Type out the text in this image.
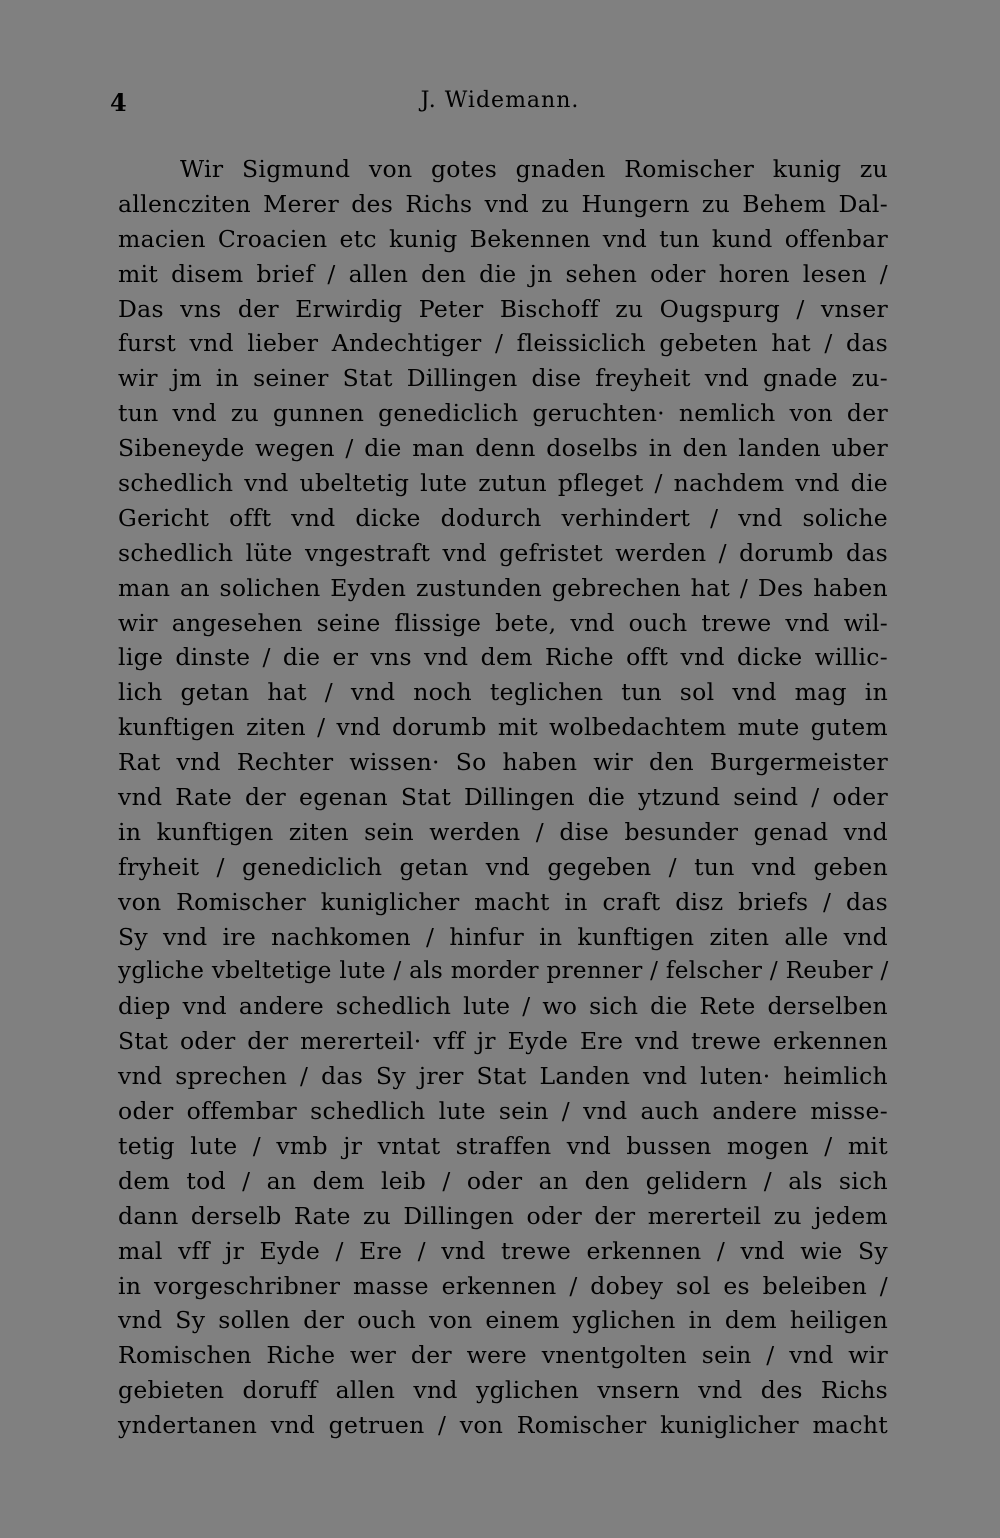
4	J. Widemann.
Wir Sigmund von gotes gnaden Romischer kunig zu
allenczitеn Merer des Richs vnd zu Hungern zu Behem Dal-
macien Croacien etc kunig Bekennen vnd tun kund offenbar
mit disem brief / allen den die jn sehen oder horen lesen /
Das vns der Erwirdig Peter Bischoff zu Ougspurg / vnser
furst vnd lieber Andechtiger / fleissiclich gebeten hat / das
wir jm in seiner Stat Dillingen dise freyheit vnd gnade zu-
tun vnd zu gunnen genediclich geruchten· nemlich von der
Sibeneyde wegen / die man denn doselbs in den landen uber
schedlich vnd ubeltetig lute zutun pfleget / nachdem vnd die
Gericht offt vnd dicke dodurch verhindert / vnd soliche
schedlich lüte vngestraft vnd gefristet werden / dorumb das
man an solichen Eyden zustunden gebrechen hat / Des haben
wir angesehen seine flissige bete, vnd ouch trewe vnd wil-
lige dinste / die er vns vnd dem Riche offt vnd dicke willic-
lich getan hat / vnd noch teglichen tun sol vnd mag in
kunftigen ziten / vnd dorumb mit wolbedachtem mute gutem
Rat vnd Rechter wissen· So haben wir den Burgermeister
vnd Rate der egenan Stat Dillingen die ytzund seind / oder
in kunftigen ziten sein werden / dise besunder genad vnd
fryheit / genediclich getan vnd gegeben / tun vnd geben
von Romischer kuniglicher macht in craft disz briefs / das
Sy vnd ire nachkomen / hinfur in kunftigen ziten alle vnd
ygliche vbeltetige lute / als morder prenner / felscher / Reuber /
diep vnd andere schedlich lute / wo sich die Rete derselben
Stat oder der mererteil· vff jr Eyde Ere vnd trewe erkennen
vnd sprechen / das Sy jrer Stat Landen vnd luten· heimlich
oder offembar schedlich lute sein / vnd auch andere misse-
tetig lute / vmb jr vntat straffen vnd bussen mogen / mit
dem tod / an dem leib / oder an den gelidern / als sich
dann derselb Rate zu Dillingen oder der mererteil zu jedem
mal vff jr Eyde / Ere / vnd trewe erkennen / vnd wie Sy
in vorgeschribner masse erkennen / dobey sol es beleiben /
vnd Sy sollen der ouch von einem yglichen in dem heiligen
Romischen Riche wer der were vnentgolten sein / vnd wir
gebieten doruff allen vnd yglichen vnsern vnd des Richs
yndertanen vnd getruen / von Romischer kuniglicher macht
